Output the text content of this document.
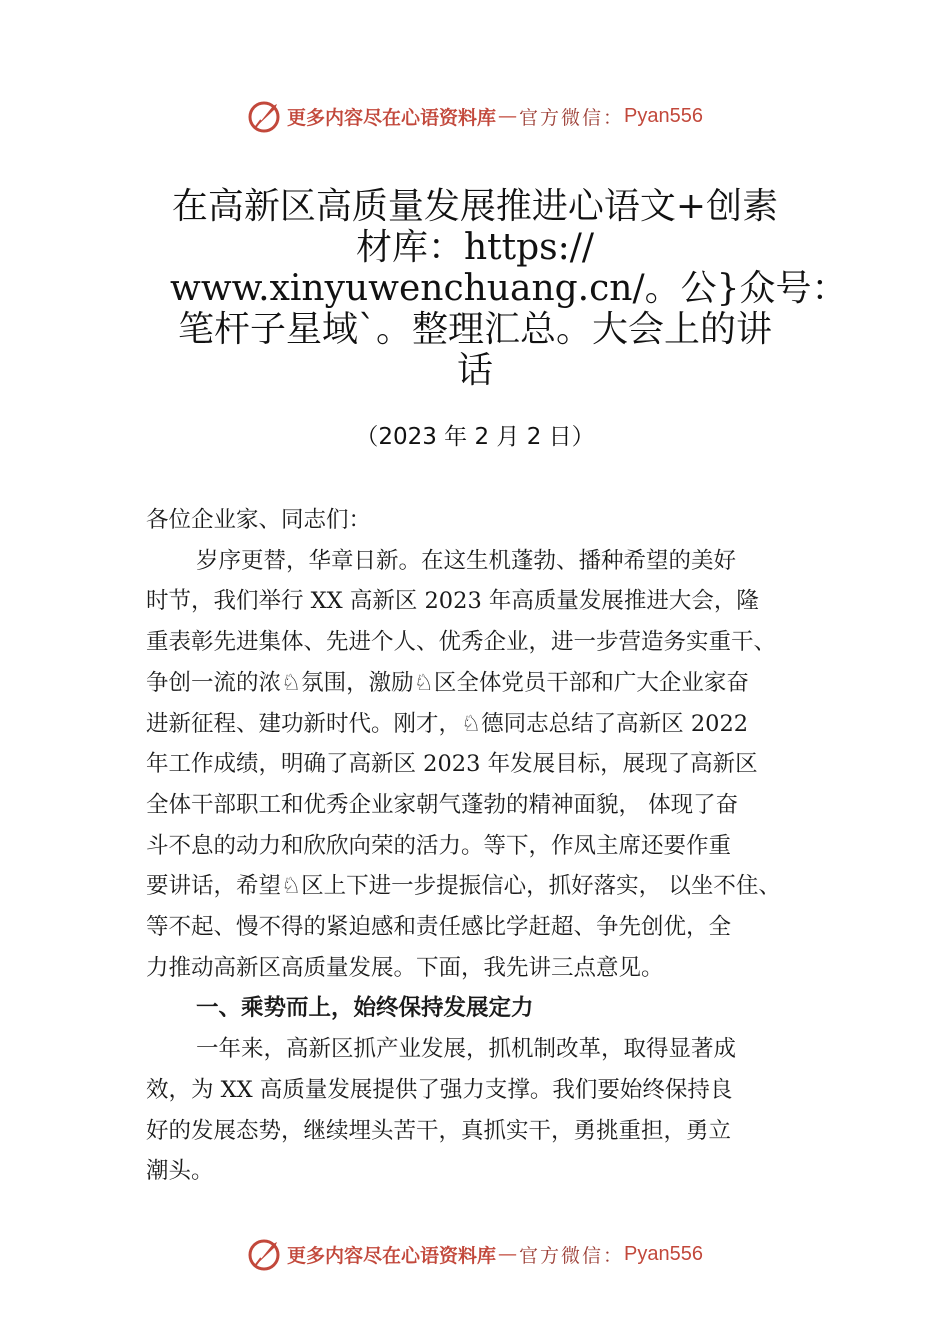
更多内容尽在心语资料库 — 官方微信： Pyan556
在高新区高质量发展推进心语文+创素
材库：https://
www.xinyuwenchuang.cn/。公}众号：
笔杆子星域`。整理汇总。大会上的讲
话
（2023 年 2 月 2 日）
各位企业家、同志们：
岁序更替，华章日新。在这生机蓬勃、播种希望的美好
时节，我们举行 XX 高新区 2023 年高质量发展推进大会，隆
重表彰先进集体、先进个人、优秀企业，进一步营造务实重干、
争创一流的浓♘氛围，激励♘区全体党员干部和广大企业家奋
进新征程、建功新时代。刚才，♘德同志总结了高新区 2022
年工作成绩，明确了高新区 2023 年发展目标，展现了高新区
全体干部职工和优秀企业家朝气蓬勃的精神面貌， 体现了奋
斗不息的动力和欣欣向荣的活力。等下，作凤主席还要作重
要讲话，希望♘区上下进一步提振信心，抓好落实， 以坐不住、
等不起、慢不得的紧迫感和责任感比学赶超、争先创优，全
力推动高新区高质量发展。下面，我先讲三点意见。
一、乘势而上，始终保持发展定力
一年来，高新区抓产业发展，抓机制改革，取得显著成
效，为 XX 高质量发展提供了强力支撑。我们要始终保持良
好的发展态势，继续埋头苦干，真抓实干，勇挑重担，勇立
潮头。
更多内容尽在心语资料库 — 官方微信： Pyan556
